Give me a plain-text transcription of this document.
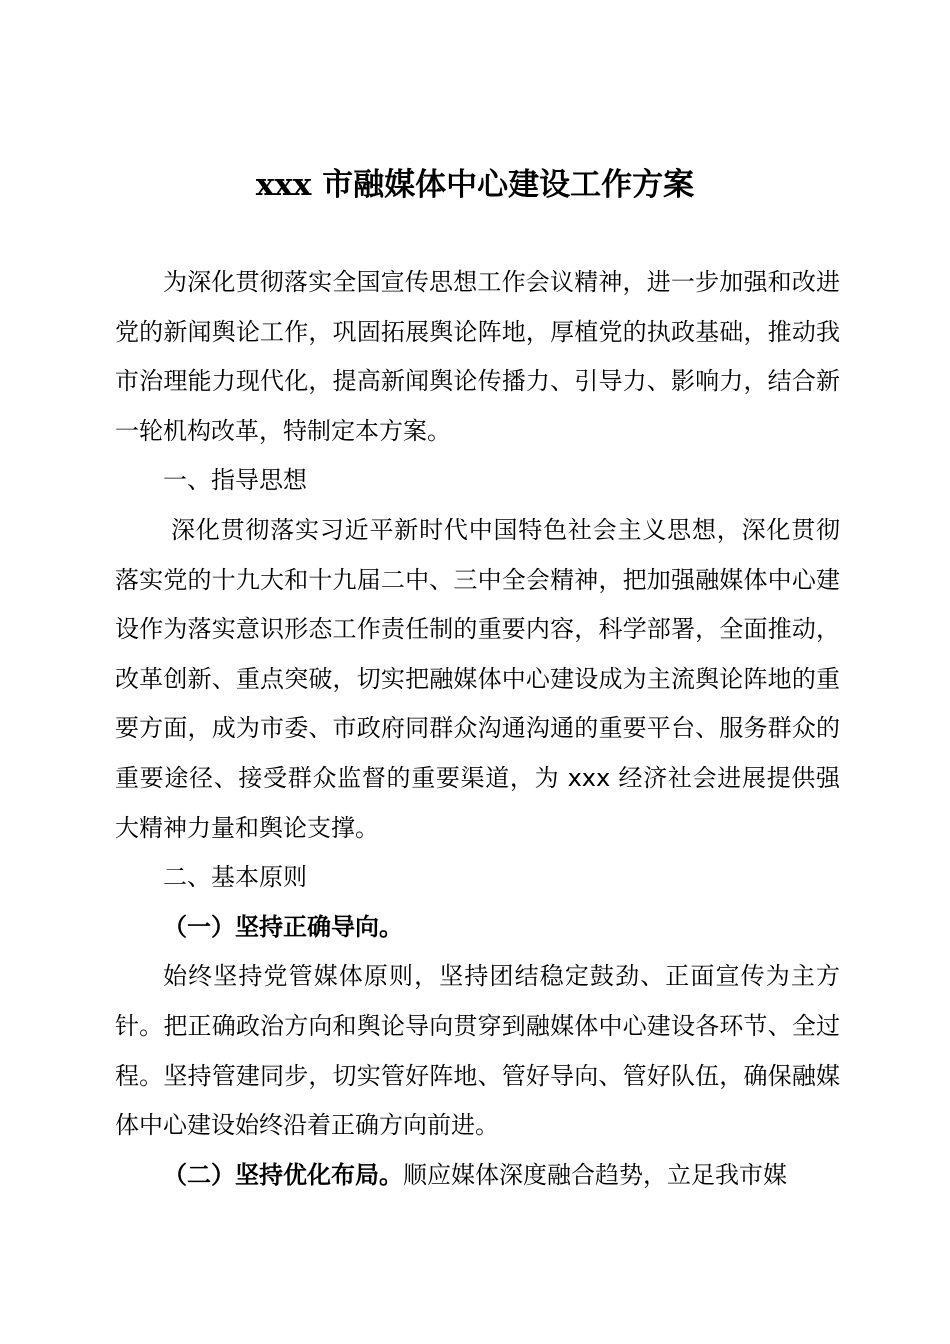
xxx 市融媒体中心建设工作方案

为深化贯彻落实全国宣传思想工作会议精神，进一步加强和改进党的新闻舆论工作，巩固拓展舆论阵地，厚植党的执政基础，推动我市治理能力现代化，提高新闻舆论传播力、引导力、影响力，结合新一轮机构改革，特制定本方案。

一、指导思想

深化贯彻落实习近平新时代中国特色社会主义思想，深化贯彻落实党的十九大和十九届二中、三中全会精神，把加强融媒体中心建设作为落实意识形态工作责任制的重要内容，科学部署，全面推动，改革创新、重点突破，切实把融媒体中心建设成为主流舆论阵地的重要方面，成为市委、市政府同群众沟通沟通的重要平台、服务群众的重要途径、接受群众监督的重要渠道，为 xxx 经济社会进展提供强大精神力量和舆论支撑。

二、基本原则

（一）坚持正确导向。

始终坚持党管媒体原则，坚持团结稳定鼓劲、正面宣传为主方针。把正确政治方向和舆论导向贯穿到融媒体中心建设各环节、全过程。坚持管建同步，切实管好阵地、管好导向、管好队伍，确保融媒体中心建设始终沿着正确方向前进。

（二）坚持优化布局。顺应媒体深度融合趋势，立足我市媒
